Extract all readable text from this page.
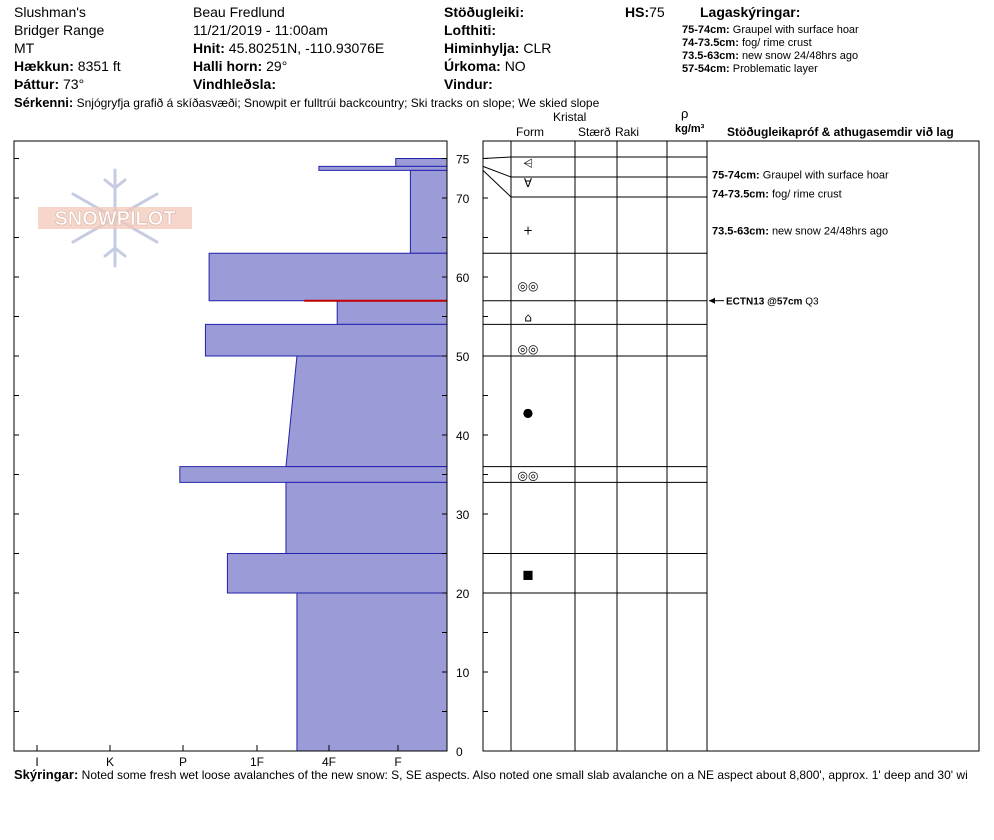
Slushman's
Bridger Range
MT
Hækkun: 8351 ft
Þáttur: 73°
Beau Fredlund
11/21/2019 - 11:00am
Hnit: 45.80251N, -110.93076E
Halli horn: 29°
Vindhleðsla:
Stöðugleiki:
Lofthiti:
Himinhylja: CLR
Úrkoma: NO
Vindur:
HS:75	Lagaskýringar:
75-74cm: Graupel with surface hoar
74-73.5cm: fog/ rime crust
73.5-63cm: new snow 24/48hrs ago
57-54cm: Problematic layer
Sérkenni: Snjógryfja grafið á skíðasvæði; Snowpit er fulltrúi backcountry; Ski tracks on slope; We skied slope
Kristal
Form	Stærð Raki
ρ
kg/m³ Stöðugleikapróf & athugasemdir við lag
SNOWPILOT
0
10
20
30
40
50
60
70
75
I	K	P	1F	4F	F
⩤
∀
+
◎◎
⌂
◎◎
●
◎◎
■
75-74cm: Graupel with surface hoar
74-73.5cm: fog/ rime crust
73.5-63cm: new snow 24/48hrs ago
ECTN13 @57cm Q3
Skýringar: Noted some fresh wet loose avalanches of the new snow: S, SE aspects. Also noted one small slab avalanche on a NE aspect about 8,800', approx. 1' deep and 30' wi
